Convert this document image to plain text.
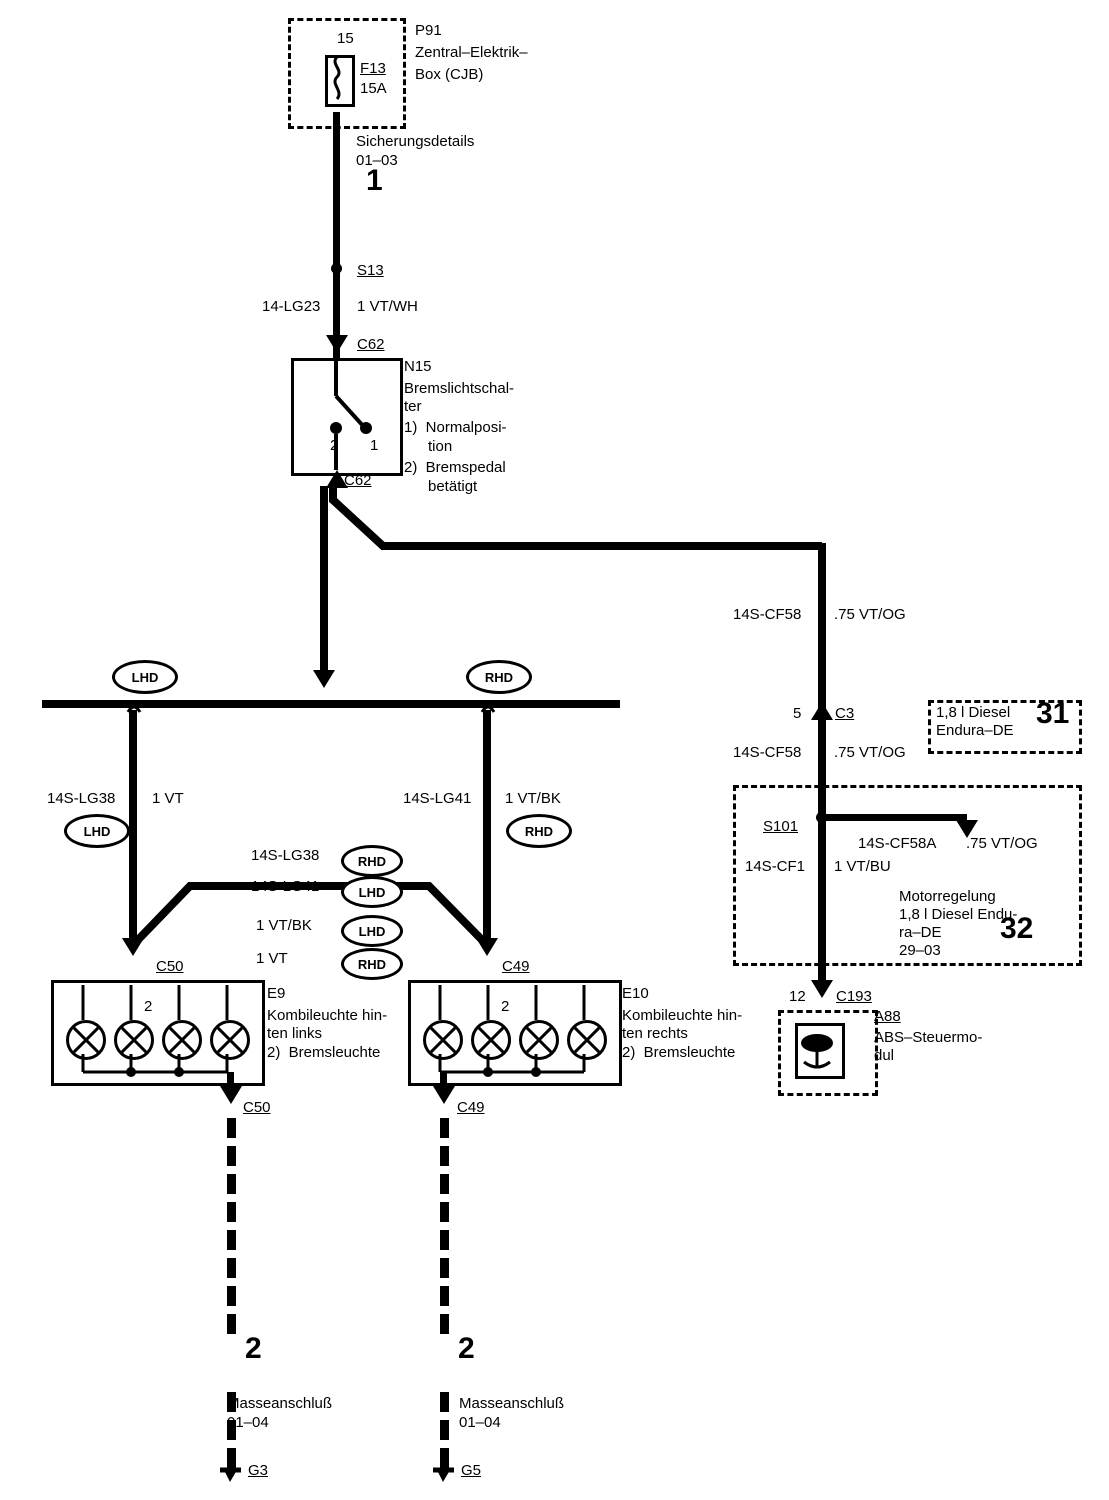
15
F13
15A
P91
Zentral–Elektrik–
Box (CJB)
Sicherungsdetails
01–03
1
S13
14-LG23 1 VT/WH
C62
2 1
N15
Bremslichtschal-
ter
1)  Normalposi-
tion
2)  Bremspedal
betätigt
C62
14S-CF58 .75 VT/OG
5 C3
14S-CF58 .75 VT/OG
1,8 l Diesel
Endura–DE
31
S101
14S-CF58A .75 VT/OG
14S-CF1 1 VT/BU
Motorregelung
1,8 l Diesel Endu-
ra–DE
29–03
32
12 C193
A88
ABS–Steuermo-
dul
LHD	RHD
14S-LG38 1 VT
LHD
14S-LG41 1 VT/BK
RHD
14S-LG38	RHD
14S-LG41	LHD
1 VT/BK	LHD
1 VT	RHD
C50
2
E9
Kombileuchte hin-
ten links
2)  Bremsleuchte
C50
2
Masseanschluß
01–04
G3
C49
2
E10
Kombileuchte hin-
ten rechts
2)  Bremsleuchte
C49
2
Masseanschluß
01–04
G5
